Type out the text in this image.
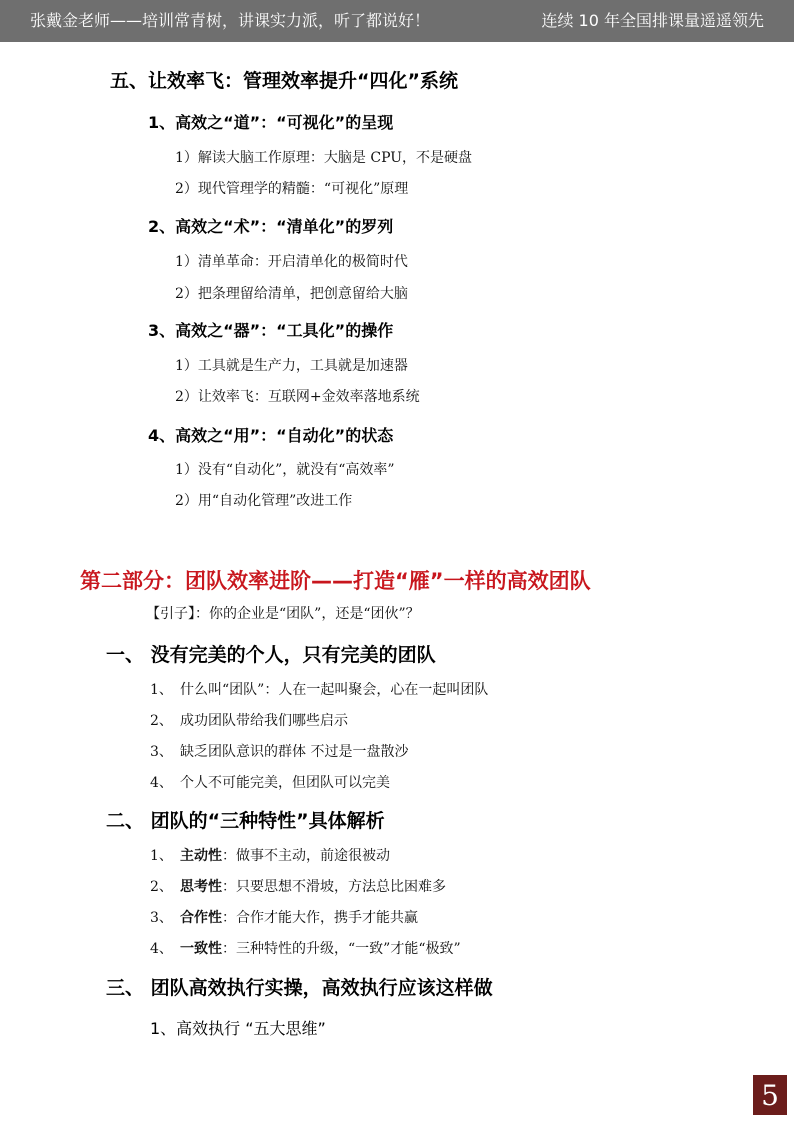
张戴金老师——培训常青树，讲课实力派，听了都说好！	连续 10 年全国排课量遥遥领先
五、让效率飞：管理效率提升“四化”系统
1、高效之“道”：“可视化”的呈现
1）解读大脑工作原理：大脑是 CPU，不是硬盘
2）现代管理学的精髓：“可视化”原理
2、高效之“术”：“清单化”的罗列
1）清单革命：开启清单化的极简时代
2）把条理留给清单，把创意留给大脑
3、高效之“器”：“工具化”的操作
1）工具就是生产力，工具就是加速器
2）让效率飞：互联网+金效率落地系统
4、高效之“用”：“自动化”的状态
1）没有“自动化”，就没有“高效率”
2）用“自动化管理”改进工作
第二部分：团队效率进阶——打造“雁”一样的高效团队
【引子】：你的企业是“团队”，还是“团伙”？
一、 没有完美的个人，只有完美的团队
1、 什么叫“团队”：人在一起叫聚会，心在一起叫团队
2、 成功团队带给我们哪些启示
3、 缺乏团队意识的群体 不过是一盘散沙
4、 个人不可能完美，但团队可以完美
二、 团队的“三种特性”具体解析
1、 主动性：做事不主动，前途很被动
2、 思考性：只要思想不滑坡，方法总比困难多
3、 合作性：合作才能大作，携手才能共赢
4、 一致性：三种特性的升级，“一致”才能“极致”
三、 团队高效执行实操，高效执行应该这样做
1、高效执行 “五大思维”
5
